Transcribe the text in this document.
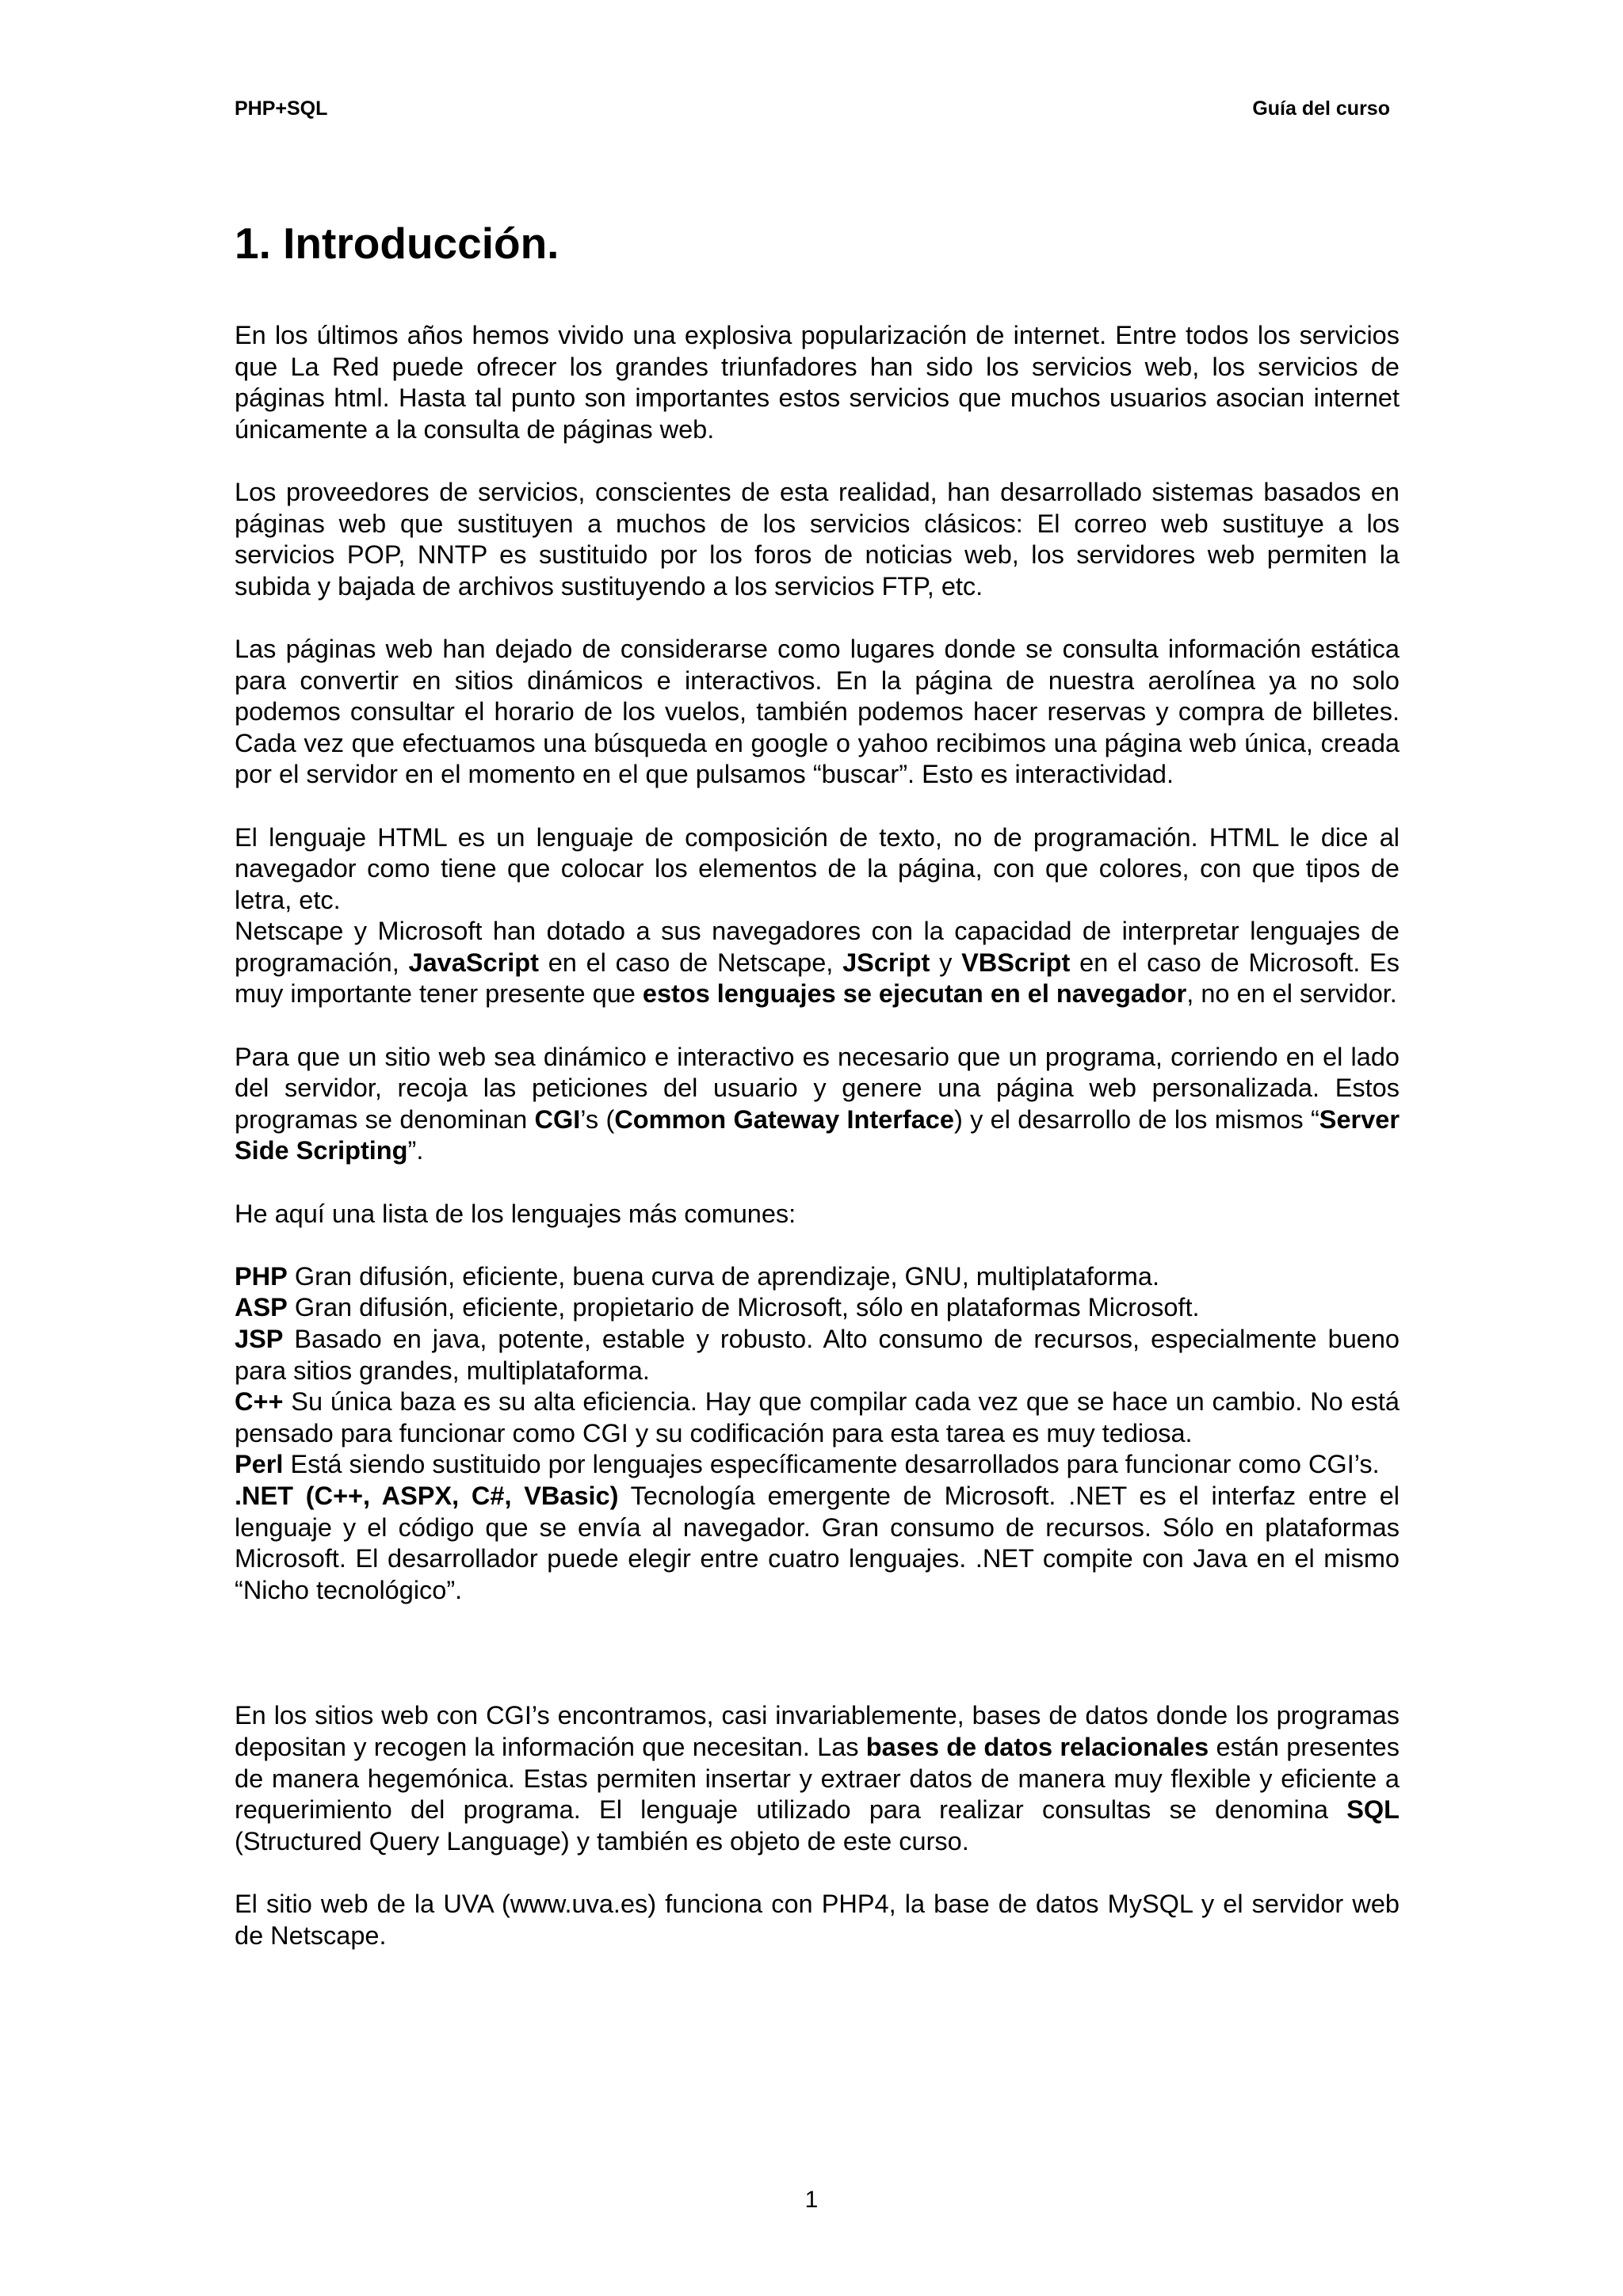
PHP+SQL	Guía del curso
1. Introducción.

En los últimos años hemos vivido una explosiva popularización de internet. Entre todos los servicios que La Red puede ofrecer los grandes triunfadores han sido los servicios web, los servicios de páginas html. Hasta tal punto son importantes estos servicios que muchos usuarios asocian internet únicamente a la consulta de páginas web.

Los proveedores de servicios, conscientes de esta realidad, han desarrollado sistemas basados en páginas web que sustituyen a muchos de los servicios clásicos: El correo web sustituye a los servicios POP, NNTP es sustituido por los foros de noticias web, los servidores web permiten la subida y bajada de archivos sustituyendo a los servicios FTP, etc.

Las páginas web han dejado de considerarse como lugares donde se consulta información estática para convertir en sitios dinámicos e interactivos. En la página de nuestra aerolínea ya no solo podemos consultar el horario de los vuelos, también podemos hacer reservas y compra de billetes. Cada vez que efectuamos una búsqueda en google o yahoo recibimos una página web única, creada por el servidor en el momento en el que pulsamos “buscar”. Esto es interactividad.

El lenguaje HTML es un lenguaje de composición de texto, no de programación. HTML le dice al navegador como tiene que colocar los elementos de la página, con que colores, con que tipos de letra, etc.

Netscape y Microsoft han dotado a sus navegadores con la capacidad de interpretar lenguajes de programación, JavaScript en el caso de Netscape, JScript y VBScript en el caso de Microsoft. Es muy importante tener presente que estos lenguajes se ejecutan en el navegador, no en el servidor.

Para que un sitio web sea dinámico e interactivo es necesario que un programa, corriendo en el lado del servidor, recoja las peticiones del usuario y genere una página web personalizada. Estos programas se denominan CGI’s (Common Gateway Interface) y el desarrollo de los mismos “Server Side Scripting”.

He aquí una lista de los lenguajes más comunes:

PHP Gran difusión, eficiente, buena curva de aprendizaje, GNU, multiplataforma.

ASP Gran difusión, eficiente, propietario de Microsoft, sólo en plataformas Microsoft.

JSP Basado en java, potente, estable y robusto. Alto consumo de recursos, especialmente bueno para sitios grandes, multiplataforma.

C++ Su única baza es su alta eficiencia. Hay que compilar cada vez que se hace un cambio. No está pensado para funcionar como CGI y su codificación para esta tarea es muy tediosa.

Perl Está siendo sustituido por lenguajes específicamente desarrollados para funcionar como CGI’s.

.NET (C++, ASPX, C#, VBasic) Tecnología emergente de Microsoft. .NET es el interfaz entre el lenguaje y el código que se envía al navegador. Gran consumo de recursos. Sólo en plataformas Microsoft. El desarrollador puede elegir entre cuatro lenguajes. .NET compite con Java en el mismo “Nicho tecnológico”.

En los sitios web con CGI’s encontramos, casi invariablemente, bases de datos donde los programas depositan y recogen la información que necesitan. Las bases de datos relacionales están presentes de manera hegemónica. Estas permiten insertar y extraer datos de manera muy flexible y eficiente a requerimiento del programa. El lenguaje utilizado para realizar consultas se denomina SQL (Structured Query Language) y también es objeto de este curso.

El sitio web de la UVA (www.uva.es) funciona con PHP4, la base de datos MySQL y el servidor web de Netscape.

1
